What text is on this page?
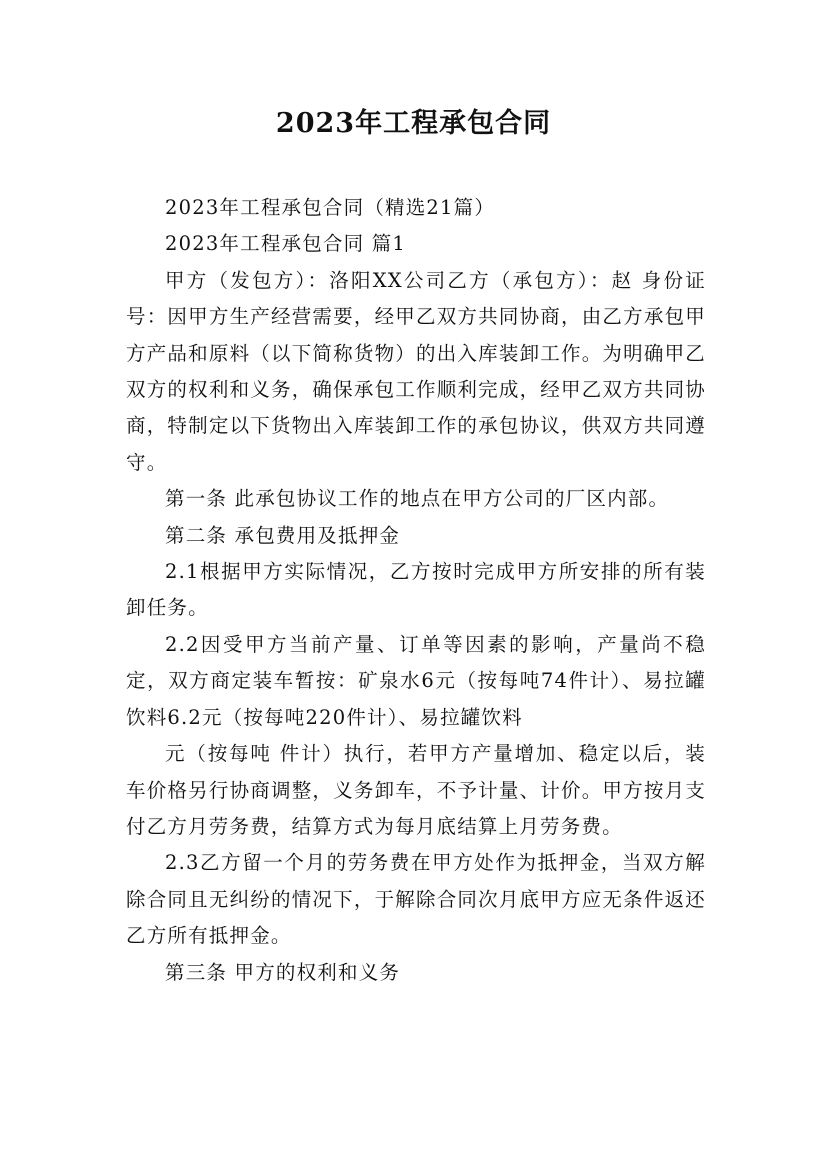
2023年工程承包合同

2023年工程承包合同（精选21篇）

2023年工程承包合同 篇1

甲方（发包方）：洛阳XX公司乙方（承包方）：赵 身份证号：因甲方生产经营需要，经甲乙双方共同协商，由乙方承包甲方产品和原料（以下简称货物）的出入库装卸工作。为明确甲乙双方的权利和义务，确保承包工作顺利完成，经甲乙双方共同协商，特制定以下货物出入库装卸工作的承包协议，供双方共同遵守。

第一条 此承包协议工作的地点在甲方公司的厂区内部。

第二条 承包费用及抵押金

2.1根据甲方实际情况，乙方按时完成甲方所安排的所有装卸任务。

2.2因受甲方当前产量、订单等因素的影响，产量尚不稳定，双方商定装车暂按：矿泉水6元（按每吨74件计）、易拉罐饮料6.2元（按每吨220件计）、易拉罐饮料

元（按每吨 件计）执行，若甲方产量增加、稳定以后，装车价格另行协商调整，义务卸车，不予计量、计价。甲方按月支付乙方月劳务费，结算方式为每月底结算上月劳务费。

2.3乙方留一个月的劳务费在甲方处作为抵押金，当双方解除合同且无纠纷的情况下，于解除合同次月底甲方应无条件返还乙方所有抵押金。

第三条 甲方的权利和义务
